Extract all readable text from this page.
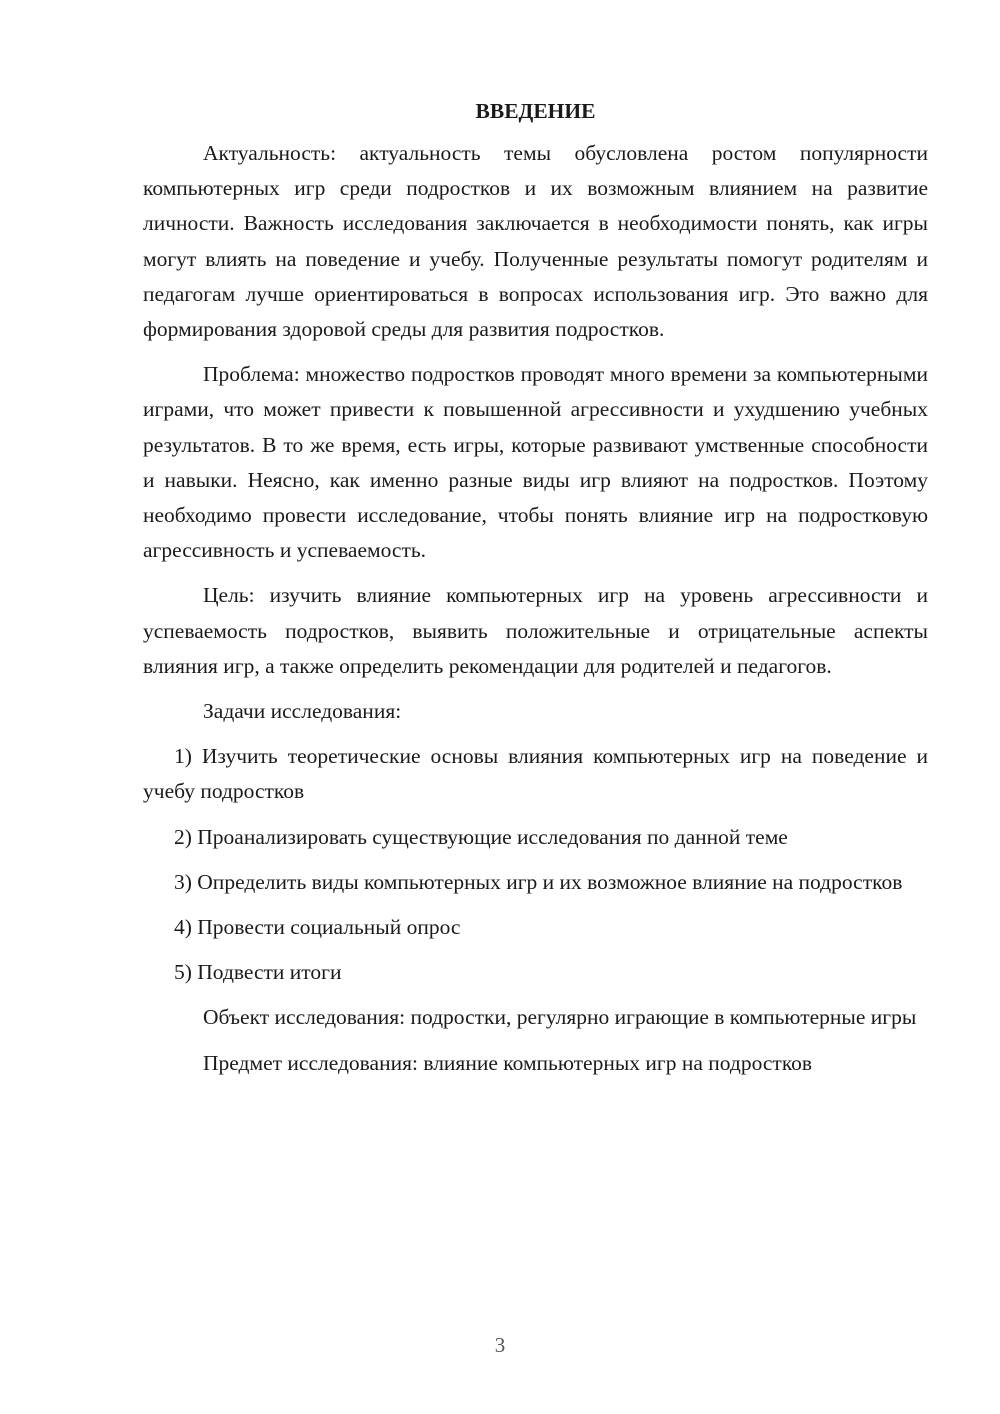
ВВЕДЕНИЕ

Актуальность: актуальность темы обусловлена ростом популярности компьютерных игр среди подростков и их возможным влиянием на развитие личности. Важность исследования заключается в необходимости понять, как игры могут влиять на поведение и учебу. Полученные результаты помогут родителям и педагогам лучше ориентироваться в вопросах использования игр. Это важно для формирования здоровой среды для развития подростков.

Проблема: множество подростков проводят много времени за компьютерными играми, что может привести к повышенной агрессивности и ухудшению учебных результатов. В то же время, есть игры, которые развивают умственные способности и навыки. Неясно, как именно разные виды игр влияют на подростков. Поэтому необходимо провести исследование, чтобы понять влияние игр на подростковую агрессивность и успеваемость.

Цель: изучить влияние компьютерных игр на уровень агрессивности и успеваемость подростков, выявить положительные и отрицательные аспекты влияния игр, а также определить рекомендации для родителей и педагогов.

Задачи исследования:

1) Изучить теоретические основы влияния компьютерных игр на поведение и учебу подростков

2) Проанализировать существующие исследования по данной теме

3) Определить виды компьютерных игр и их возможное влияние на подростков

4) Провести социальный опрос

5) Подвести итоги

Объект исследования: подростки, регулярно играющие в компьютерные игры

Предмет исследования: влияние компьютерных игр на подростков

3
